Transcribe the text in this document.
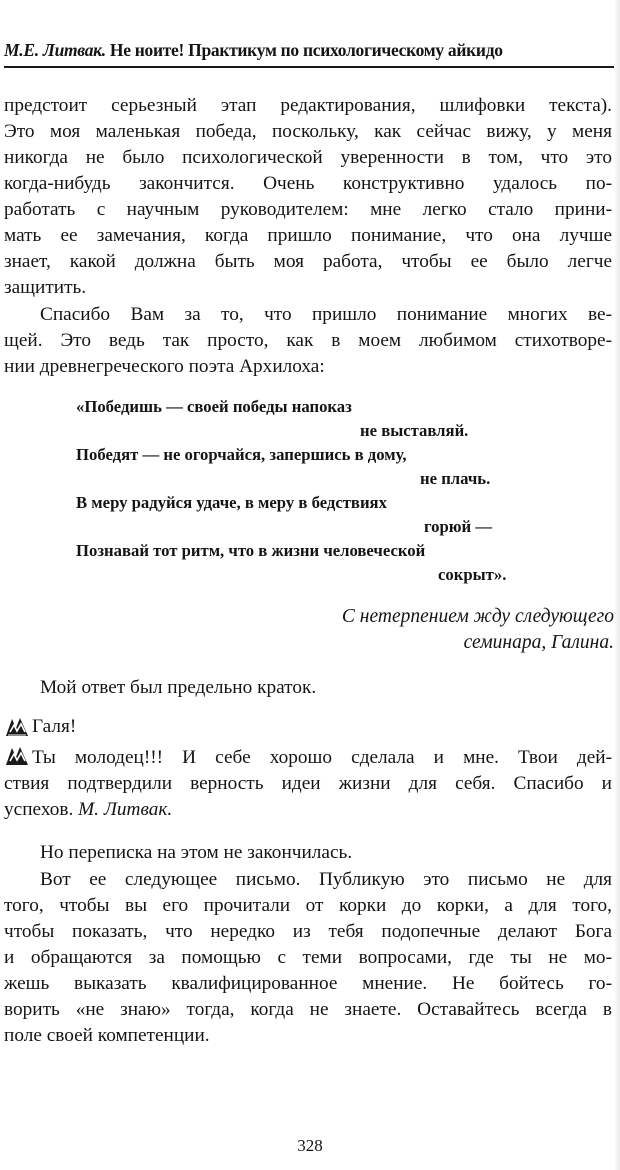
М.Е. Литвак. Не ноите! Практикум по психологическому айкидо
предстоит серьезный этап редактирования, шлифовки текста).
Это моя маленькая победа, поскольку, как сейчас вижу, у меня
никогда не было психологической уверенности в том, что это
когда-нибудь закончится. Очень конструктивно удалось по-
работать с научным руководителем: мне легко стало прини-
мать ее замечания, когда пришло понимание, что она лучше
знает, какой должна быть моя работа, чтобы ее было легче
защитить.
Спасибо Вам за то, что пришло понимание многих ве-
щей. Это ведь так просто, как в моем любимом стихотворе-
нии древнегреческого поэта Архилоха:
«Победишь — своей победы напоказ
не выставляй.
Победят — не огорчайся, запершись в дому,
не плачь.
В меру радуйся удаче, в меру в бедствиях
горюй —
Познавай тот ритм, что в жизни человеческой
сокрыт».
С нетерпением жду следующего
семинара, Галина.
Мой ответ был предельно краток.
Галя!
Ты молодец!!! И себе хорошо сделала и мне. Твои дей-
ствия подтвердили верность идеи жизни для себя. Спасибо и
успехов. М. Литвак.
Но переписка на этом не закончилась.
Вот ее следующее письмо. Публикую это письмо не для
того, чтобы вы его прочитали от корки до корки, а для того,
чтобы показать, что нередко из тебя подопечные делают Бога
и обращаются за помощью с теми вопросами, где ты не мо-
жешь выказать квалифицированное мнение. Не бойтесь го-
ворить «не знаю» тогда, когда не знаете. Оставайтесь всегда в
поле своей компетенции.
328
